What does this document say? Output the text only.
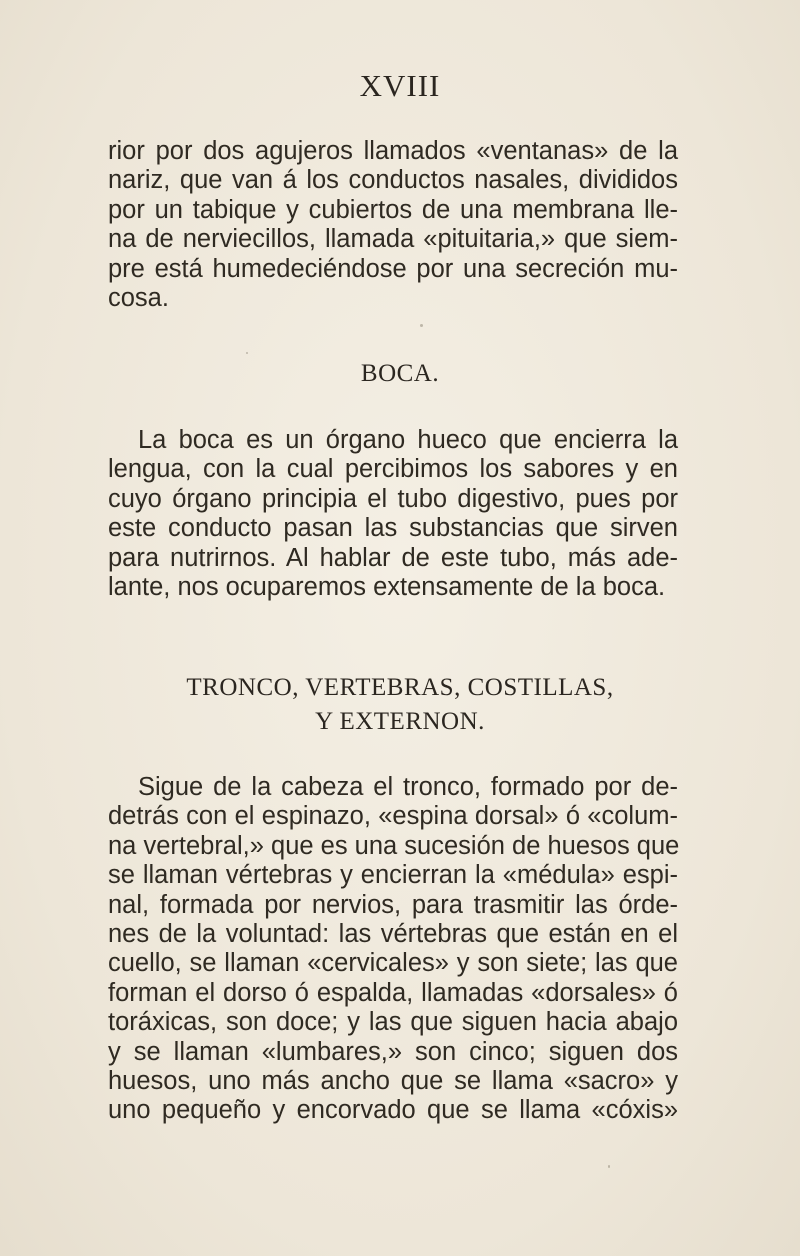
XVIII
rior por dos agujeros llamados «ventanas» de la
nariz, que van á los conductos nasales, divididos
por un tabique y cubiertos de una membrana lle-
na de nerviecillos, llamada «pituitaria,» que siem-
pre está humedeciéndose por una secreción mu-
cosa.
BOCA.
La boca es un órgano hueco que encierra la
lengua, con la cual percibimos los sabores y en
cuyo órgano principia el tubo digestivo, pues por
este conducto pasan las substancias que sirven
para nutrirnos. Al hablar de este tubo, más ade-
lante, nos ocuparemos extensamente de la boca.
TRONCO, VERTEBRAS, COSTILLAS,
Y EXTERNON.
Sigue de la cabeza el tronco, formado por de-
detrás con el espinazo, «espina dorsal» ó «colum-
na vertebral,» que es una sucesión de huesos que
se llaman vértebras y encierran la «médula» espi-
nal, formada por nervios, para trasmitir las órde-
nes de la voluntad: las vértebras que están en el
cuello, se llaman «cervicales» y son siete; las que
forman el dorso ó espalda, llamadas «dorsales» ó
toráxicas, son doce; y las que siguen hacia abajo
y se llaman «lumbares,» son cinco; siguen dos
huesos, uno más ancho que se llama «sacro» y
uno pequeño y encorvado que se llama «cóxis»
